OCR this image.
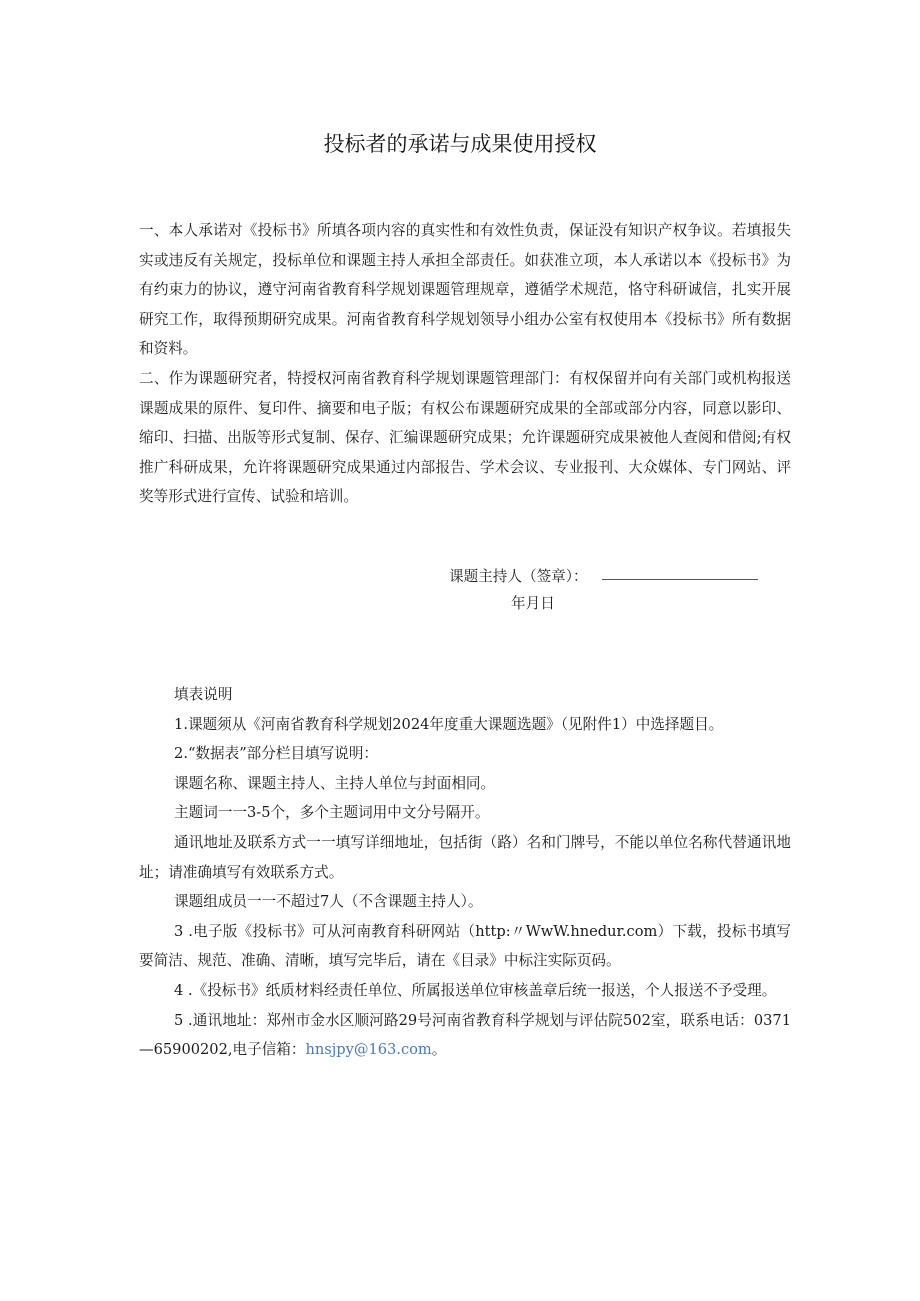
投标者的承诺与成果使用授权

一、本人承诺对《投标书》所填各项内容的真实性和有效性负责，保证没有知识产权争议。若填报失实或违反有关规定，投标单位和课题主持人承担全部责任。如获准立项，本人承诺以本《投标书》为有约束力的协议，遵守河南省教育科学规划课题管理规章，遵循学术规范，恪守科研诚信，扎实开展研究工作，取得预期研究成果。河南省教育科学规划领导小组办公室有权使用本《投标书》所有数据和资料。

二、作为课题研究者，特授权河南省教育科学规划课题管理部门：有权保留并向有关部门或机构报送课题成果的原件、复印件、摘要和电子版；有权公布课题研究成果的全部或部分内容，同意以影印、缩印、扫描、出版等形式复制、保存、汇编课题研究成果；允许课题研究成果被他人查阅和借阅;有权推广科研成果，允许将课题研究成果通过内部报告、学术会议、专业报刊、大众媒体、专门网站、评奖等形式进行宣传、试验和培训。

课题主持人（签章）：
年月日

填表说明

1.课题须从《河南省教育科学规划2024年度重大课题选题》（见附件1）中选择题目。

2.“数据表”部分栏目填写说明：

课题名称、课题主持人、主持人单位与封面相同。

主题词一一3-5个，多个主题词用中文分号隔开。

通讯地址及联系方式一一填写详细地址，包括街（路）名和门牌号，不能以单位名称代替通讯地址；请准确填写有效联系方式。

课题组成员一一不超过7人（不含课题主持人）。

3 .电子版《投标书》可从河南教育科研网站（http:〃WwW.hnedur.com）下载，投标书填写要简洁、规范、准确、清晰，填写完毕后，请在《目录》中标注实际页码。

4 .《投标书》纸质材料经责任单位、所属报送单位审核盖章后统一报送，个人报送不予受理。

5 .通讯地址：郑州市金水区顺河路29号河南省教育科学规划与评估院502室，联系电话：0371—65900202,电子信箱：hnsjpy@163.com。
